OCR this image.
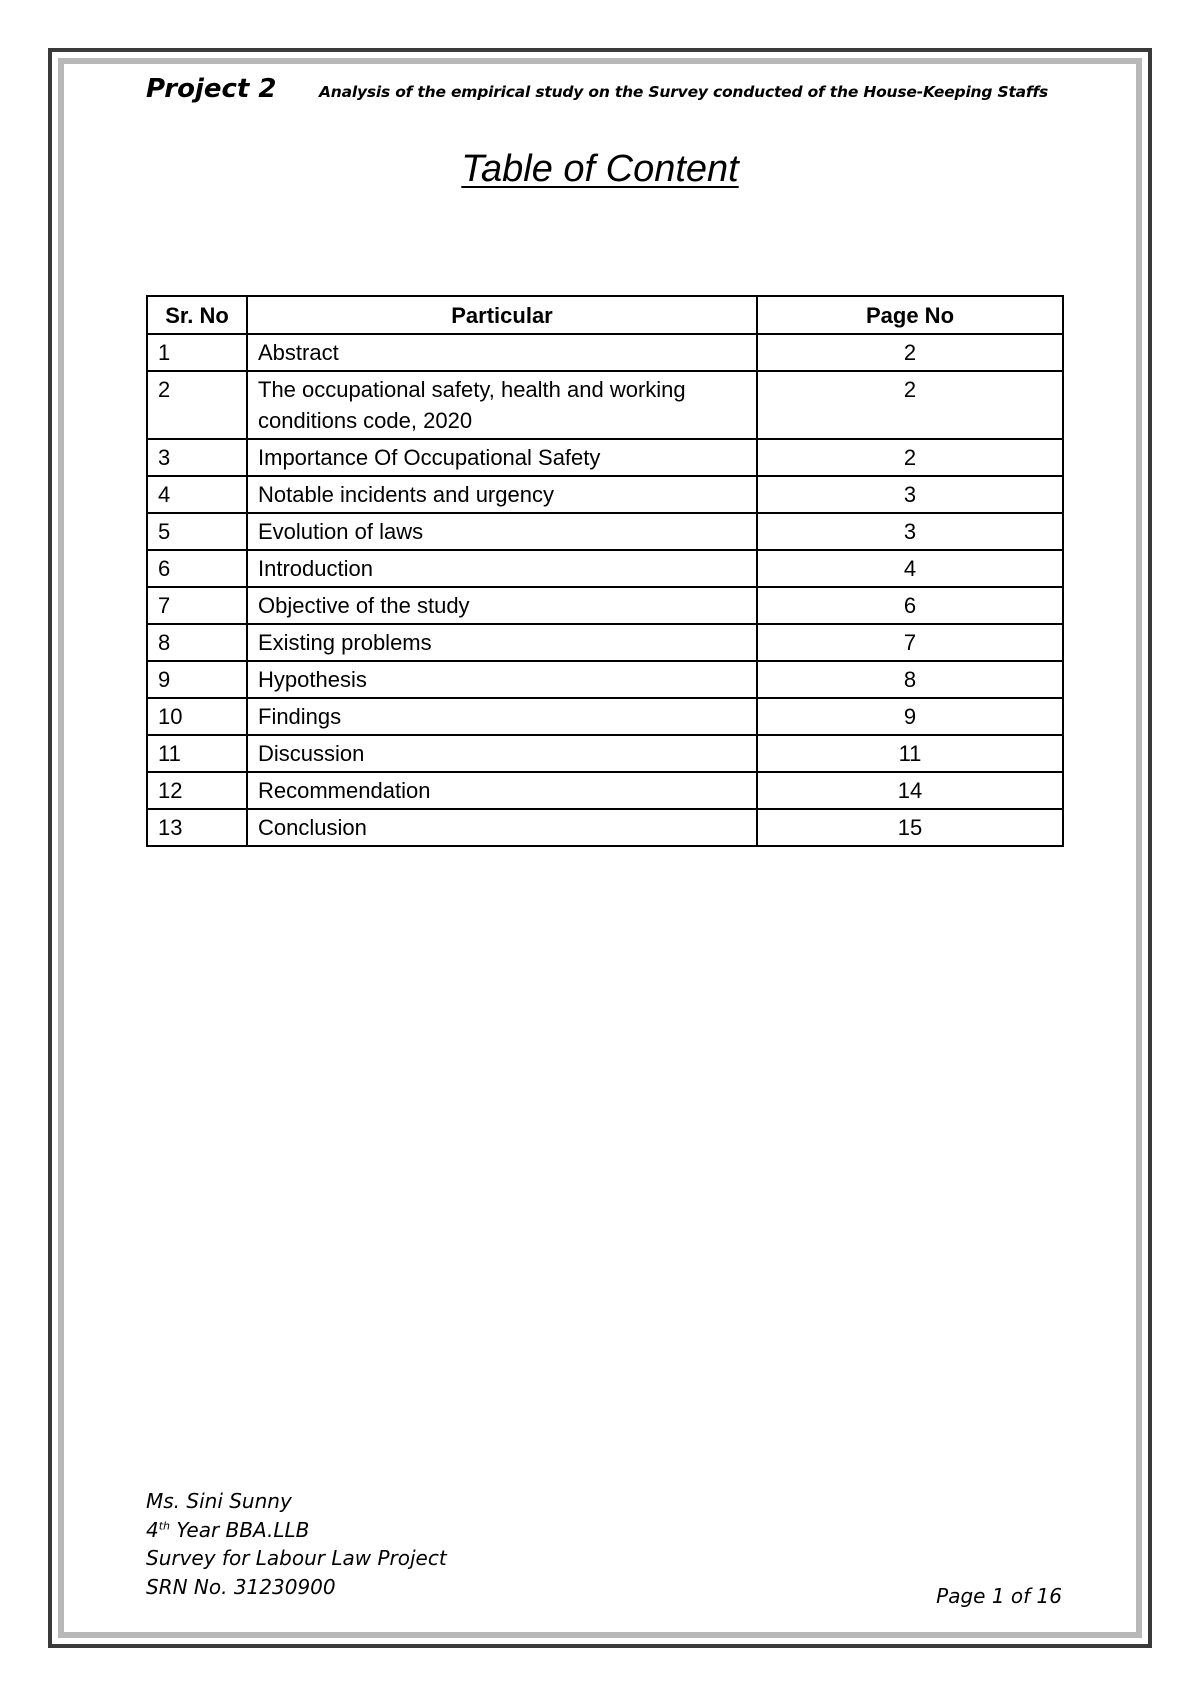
Project 2	Analysis of the empirical study on the Survey conducted of the House-Keeping Staffs
Table of Content
Sr. No	Particular	Page No
1	Abstract	2
2	The occupational safety, health and working conditions code, 2020	2
3	Importance Of Occupational Safety	2
4	Notable incidents and urgency	3
5	Evolution of laws	3
6	Introduction	4
7	Objective of the study	6
8	Existing problems	7
9	Hypothesis	8
10	Findings	9
11	Discussion	11
12	Recommendation	14
13	Conclusion	15
Ms. Sini Sunny
4th Year BBA.LLB
Survey for Labour Law Project
SRN No. 31230900	Page 1 of 16
